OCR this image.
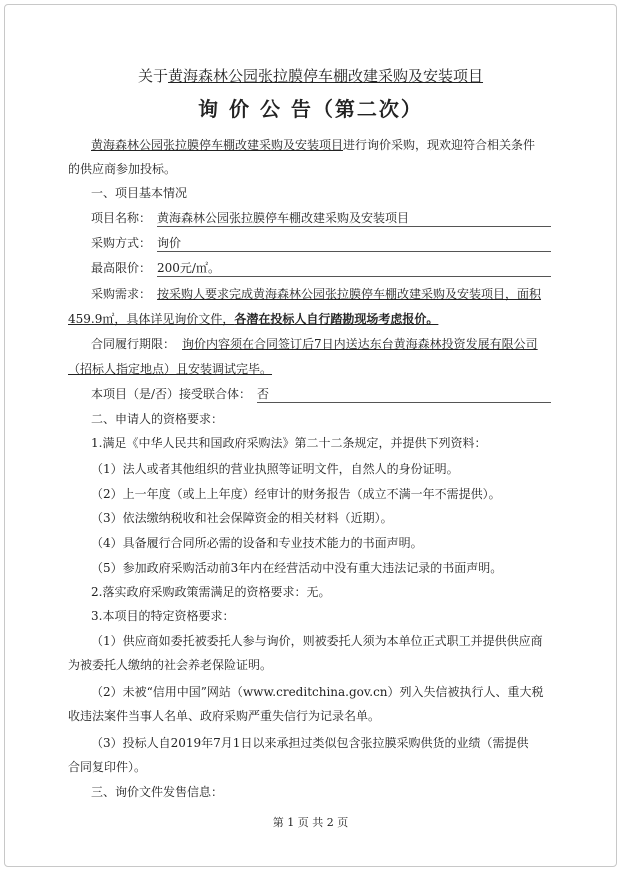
关于黄海森林公园张拉膜停车棚改建采购及安装项目
询 价 公 告（第二次）
黄海森林公园张拉膜停车棚改建采购及安装项目进行询价采购，现欢迎符合相关条件
的供应商参加投标。
一、项目基本情况
项目名称： 黄海森林公园张拉膜停车棚改建采购及安装项目
采购方式： 询价
最高限价： 200元/㎡。
采购需求： 按采购人要求完成黄海森林公园张拉膜停车棚改建采购及安装项目，面积
459.9㎡，具体详见询价文件，各潜在投标人自行踏勘现场考虑报价。
合同履行期限： 询价内容须在合同签订后7日内送达东台黄海森林投资发展有限公司
（招标人指定地点）且安装调试完毕。
本项目（是/否）接受联合体： 否
二、申请人的资格要求：
1.满足《中华人民共和国政府采购法》第二十二条规定，并提供下列资料：
（1）法人或者其他组织的营业执照等证明文件，自然人的身份证明。
（2）上一年度（或上上年度）经审计的财务报告（成立不满一年不需提供）。
（3）依法缴纳税收和社会保障资金的相关材料（近期）。
（4）具备履行合同所必需的设备和专业技术能力的书面声明。
（5）参加政府采购活动前3年内在经营活动中没有重大违法记录的书面声明。
2.落实政府采购政策需满足的资格要求：无。
3.本项目的特定资格要求：
（1）供应商如委托被委托人参与询价，则被委托人须为本单位正式职工并提供供应商
为被委托人缴纳的社会养老保险证明。
（2）未被“信用中国”网站（www.creditchina.gov.cn）列入失信被执行人、重大税
收违法案件当事人名单、政府采购严重失信行为记录名单。
（3）投标人自2019年7月1日以来承担过类似包含张拉膜采购供货的业绩（需提供
合同复印件）。
三、询价文件发售信息：
第 1 页 共 2 页
